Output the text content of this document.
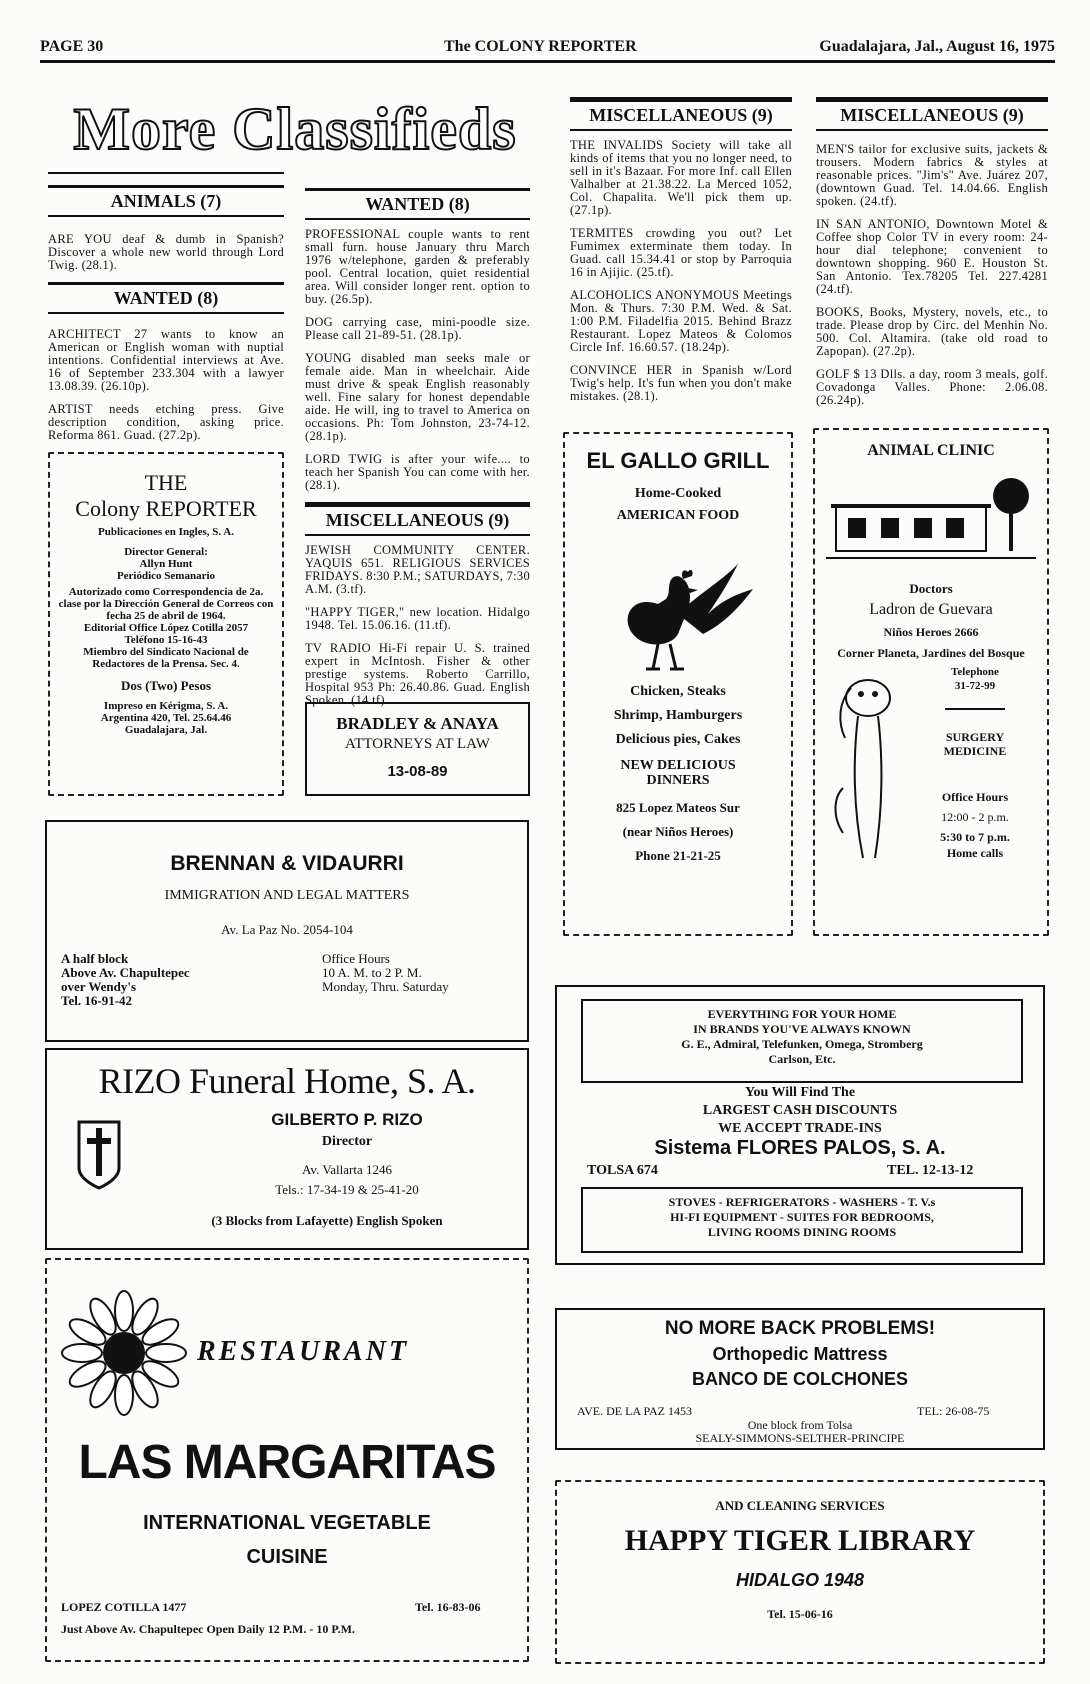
PAGE 30	The COLONY REPORTER	Guadalajara, Jal., August 16, 1975
More Classifieds
ANIMALS (7)

ARE YOU deaf & dumb in Spanish? Discover a whole new world through Lord Twig. (28.1).

WANTED (8)

ARCHITECT 27 wants to know an American or English woman with nuptial intentions. Confidential interviews at Ave. 16 of September 233.304 with a lawyer 13.08.39. (26.10p).

ARTIST needs etching press. Give description condition, asking price. Reforma 861. Guad. (27.2p).

THE
Colony REPORTER
Publicaciones en Ingles, S. A.
Director General:
Allyn Hunt
Periódico Semanario
Autorizado como Correspondencia de 2a. clase por la Dirección General de Correos con fecha 25 de abril de 1964.
Editorial Office López Cotilla 2057
Teléfono 15-16-43
Miembro del Sindicato Nacional de Redactores de la Prensa. Sec. 4.
Dos (Two) Pesos
Impreso en Kérigma, S. A. Argentina 420, Tel. 25.64.46 Guadalajara, Jal.
WANTED (8)

PROFESSIONAL couple wants to rent small furn. house January thru March 1976 w/telephone, garden & preferably pool. Central location, quiet residential area. Will consider longer rent. option to buy. (26.5p).

DOG carrying case, mini-poodle size. Please call 21-89-51. (28.1p).

YOUNG disabled man seeks male or female aide. Man in wheelchair. Aide must drive & speak English reasonably well. Fine salary for honest dependable aide. He will, ing to travel to America on occasions. Ph: Tom Johnston, 23-74-12. (28.1p).

LORD TWIG is after your wife.... to teach her Spanish You can come with her. (28.1).

MISCELLANEOUS (9)

JEWISH COMMUNITY CENTER. YAQUIS 651. RELIGIOUS SERVICES FRIDAYS. 8:30 P.M.; SATURDAYS, 7:30 A.M. (3.tf).

"HAPPY TIGER," new location. Hidalgo 1948. Tel. 15.06.16. (11.tf).

TV RADIO Hi-Fi repair U. S. trained expert in McIntosh. Fisher & other prestige systems. Roberto Carrillo, Hospital 953 Ph: 26.40.86. Guad. English Spoken. (14.tf).

BRADLEY & ANAYA
ATTORNEYS AT LAW
13-08-89
MISCELLANEOUS (9)

THE INVALIDS Society will take all kinds of items that you no longer need, to sell in it's Bazaar. For more Inf. call Ellen Valhalber at 21.38.22. La Merced 1052, Col. Chapalita. We'll pick them up. (27.1p).

TERMITES crowding you out? Let Fumimex exterminate them today. In Guad. call 15.34.41 or stop by Parroquia 16 in Ajijic. (25.tf).

ALCOHOLICS ANONYMOUS Meetings Mon. & Thurs. 7:30 P.M. Wed. & Sat. 1:00 P.M. Filadelfia 2015. Behind Brazz Restaurant. Lopez Mateos & Colomos Circle Inf. 16.60.57. (18.24p).

CONVINCE HER in Spanish w/Lord Twig's help. It's fun when you don't make mistakes. (28.1).

EL GALLO GRILL
Home-Cooked
AMERICAN FOOD
Chicken, Steaks
Shrimp, Hamburgers
Delicious pies, Cakes
NEW DELICIOUS DINNERS
825 Lopez Mateos Sur
(near Niños Heroes)
Phone 21-21-25
MISCELLANEOUS (9)

MEN'S tailor for exclusive suits, jackets & trousers. Modern fabrics & styles at reasonable prices. "Jim's" Ave. Juárez 207, (downtown Guad. Tel. 14.04.66. English spoken. (24.tf).

IN SAN ANTONIO, Downtown Motel & Coffee shop Color TV in every room: 24-hour dial telephone; convenient to downtown shopping. 960 E. Houston St. San Antonio. Tex.78205 Tel. 227.4281 (24.tf).

BOOKS, Books, Mystery, novels, etc., to trade. Please drop by Circ. del Menhin No. 500. Col. Altamira. (take old road to Zapopan). (27.2p).

GOLF $ 13 Dlls. a day, room 3 meals, golf. Covadonga Valles. Phone: 2.06.08. (26.24p).

ANIMAL CLINIC
Doctors
Ladron de Guevara
Niños Heroes 2666
Corner Planeta, Jardines del Bosque
Telephone
31-72-99
SURGERY
MEDICINE
Office Hours
12:00 - 2 p.m.
5:30 to 7 p.m.
Home calls
BRENNAN & VIDAURRI
IMMIGRATION AND LEGAL MATTERS
Av. La Paz No. 2054-104
A half block
Above Av. Chapultepec
over Wendy's
Tel. 16-91-42
Office Hours
10 A. M. to 2 P. M.
Monday, Thru. Saturday
RIZO Funeral Home, S. A.
GILBERTO P. RIZO
Director
Av. Vallarta 1246
Tels.: 17-34-19 & 25-41-20
(3 Blocks from Lafayette) English Spoken
RESTAURANT
LAS MARGARITAS
INTERNATIONAL VEGETABLE
CUISINE
LOPEZ COTILLA 1477	Tel. 16-83-06
Just Above Av. Chapultepec Open Daily 12 P.M. - 10 P.M.
EVERYTHING FOR YOUR HOME
IN BRANDS YOU'VE ALWAYS KNOWN
G. E., Admiral, Telefunken, Omega, Stromberg
Carlson, Etc.
You Will Find The
LARGEST CASH DISCOUNTS
WE ACCEPT TRADE-INS
Sistema FLORES PALOS, S. A.
TOLSA 674	TEL. 12-13-12
STOVES - REFRIGERATORS - WASHERS - T. V.s
HI-FI EQUIPMENT - SUITES FOR BEDROOMS,
LIVING ROOMS DINING ROOMS
NO MORE BACK PROBLEMS!
Orthopedic Mattress
BANCO DE COLCHONES
AVE. DE LA PAZ 1453	TEL: 26-08-75
One block from Tolsa
SEALY-SIMMONS-SELTHER-PRINCIPE
AND CLEANING SERVICES
HAPPY TIGER LIBRARY
HIDALGO 1948
Tel. 15-06-16
